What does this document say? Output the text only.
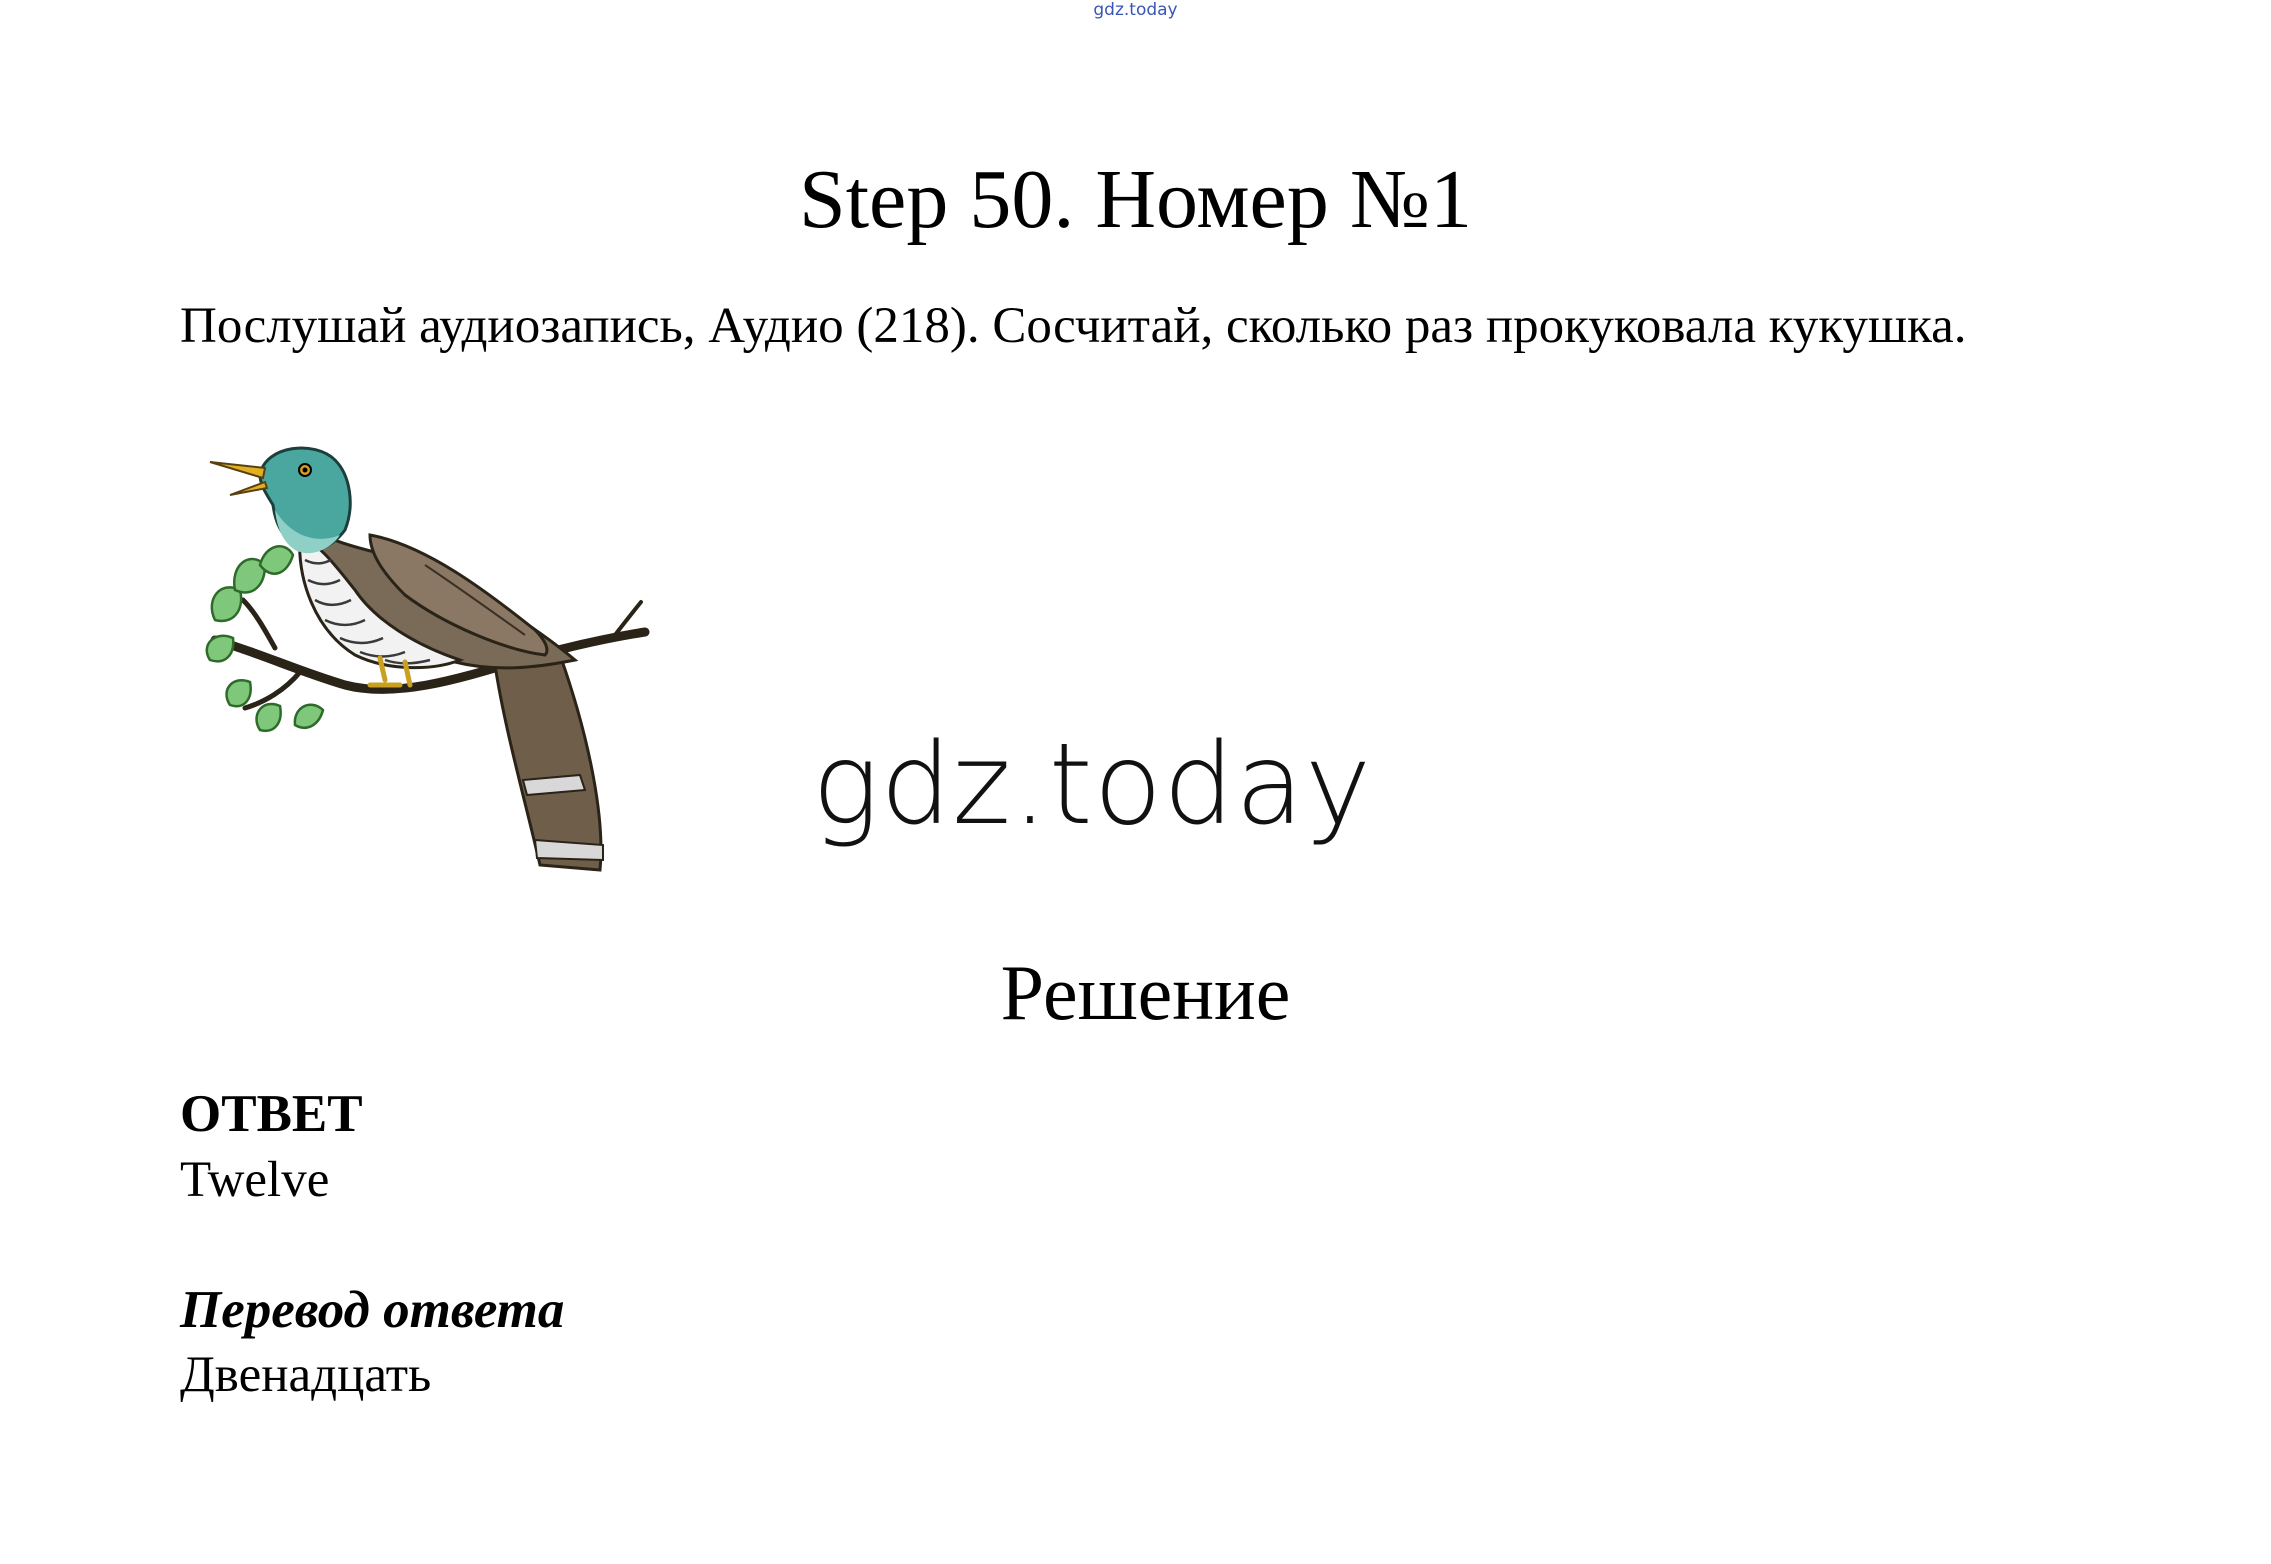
gdz.today
Step 50. Номер №1
Послушай аудиозапись, Аудио (218). Сосчитай, сколько раз прокуковала кукушка.
gdz.today
Решение
ОТВЕТ
Twelve
Перевод ответа
Двенадцать
